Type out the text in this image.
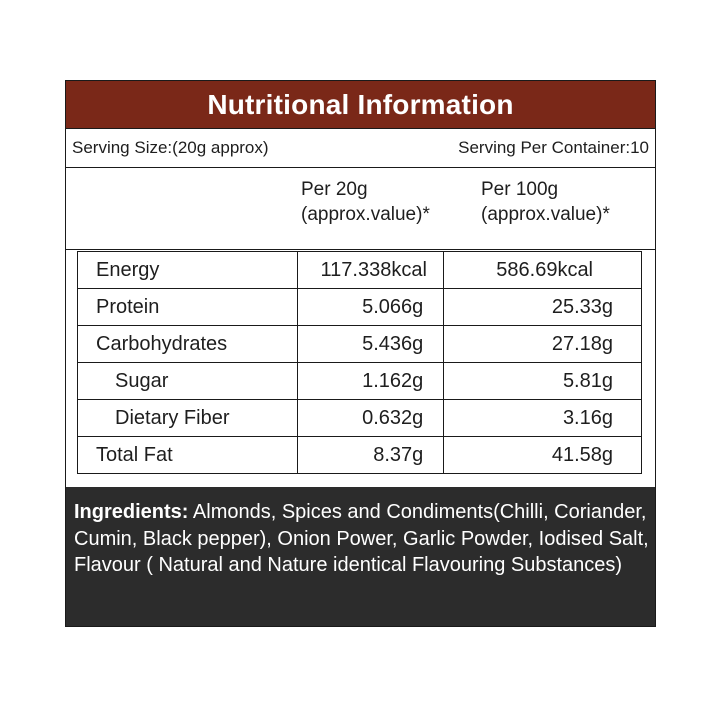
Nutritional Information
Serving Size:(20g approx)	Serving Per Container:10
Per 20g
(approx.value)*
Per 100g
(approx.value)*
Energy	117.338kcal	586.69kcal
Protein	5.066g	25.33g
Carbohydrates	5.436g	27.18g
Sugar	1.162g	5.81g
Dietary Fiber	0.632g	3.16g
Total Fat	8.37g	41.58g
Ingredients: Almonds, Spices and Condiments(Chilli, Coriander, Cumin, Black pepper), Onion Power, Garlic Powder, Iodised Salt, Flavour ( Natural and Nature identical Flavouring Substances)
